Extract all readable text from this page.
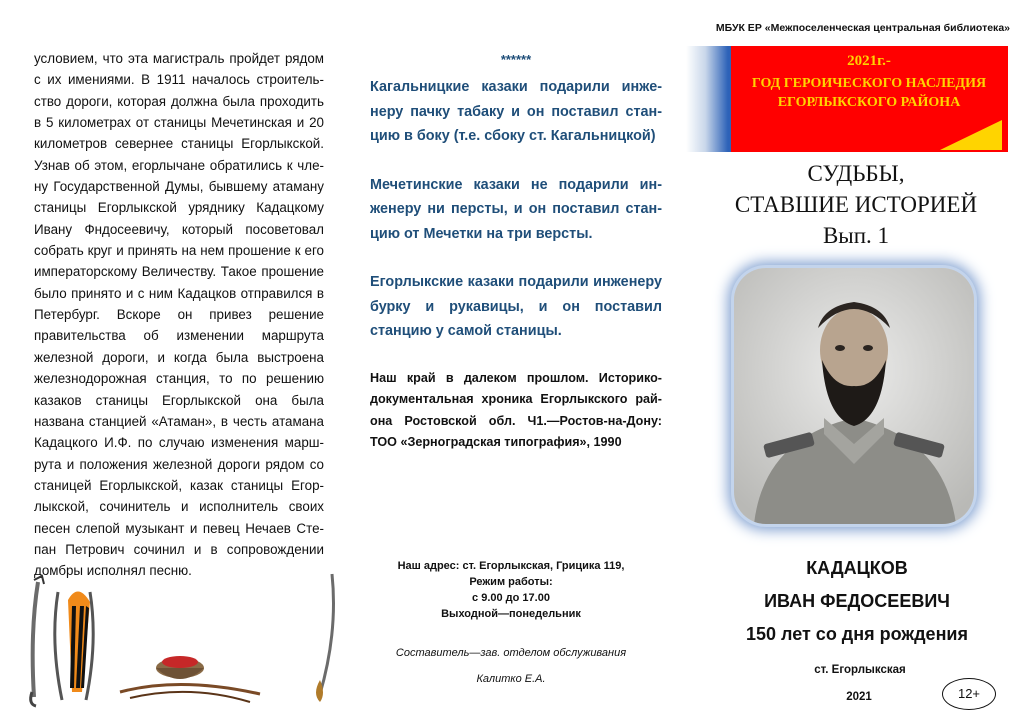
условием, что эта магистраль пройдет рядом с их имениями. В 1911 началось строительство дороги, которая должна была проходить в 5 километрах от станицы Мечетинская и 20 километров севернее станицы Егорлыкской. Узнав об этом, егорлычане обратились к члену Государственной Думы, бывшему атаману станицы Егорлыкской уряднику Кадацкому Ивану Фндосеевичу, который посоветовал собрать круг и принять на нем прошение к его императорскому Величеству. Такое прошение было принято и с ним Кадацков отправился в Петербург. Вскоре он привез решение правительства об изменении маршрута железной дороги, и когда была выстроена железнодорожная станция, то по решению казаков станицы Егорлыкской она была названа станцией «Атаман», в честь атамана Кадацкого И.Ф. по случаю изменения маршрута и положения железной дороги рядом со станицей Егорлыкской, казак станицы Егорлыкской, сочинитель и исполнитель своих песен слепой музыкант и певец Нечаев Степан Петрович сочинил и в сопровождении домбры исполнял песню.
******

Кагальницкие казаки подарили инженеру пачку табаку и он поставил станцию в боку (т.е. сбоку ст. Кагальницкой)

Мечетинские казаки не подарили инженеру ни персты, и он поставил станцию от Мечетки на три версты.

Егорлыкские казаки подарили инженеру бурку и рукавицы, и он поставил станцию у самой станицы.

Наш край в далеком прошлом. Историко-документальная хроника Егорлыкского района Ростовской обл. Ч1.—Ростов-на-Дону: ТОО «Зерноградская типография», 1990
Наш адрес: ст. Егорлыкская, Грицика 119,
Режим работы:
с 9.00 до 17.00
Выходной—понедельник
Составитель—зав. отделом обслуживания
Калитко Е.А.
МБУК ЕР «Межпоселенческая центральная библиотека»
2021г.-
ГОД ГЕРОИЧЕСКОГО НАСЛЕДИЯ
ЕГОРЛЫКСКОГО РАЙОНА
СУДЬБЫ,
СТАВШИЕ ИСТОРИЕЙ
Вып. 1
КАДАЦКОВ
ИВАН ФЕДОСЕЕВИЧ
150 лет со дня рождения
ст. Егорлыкская
2021	12+
